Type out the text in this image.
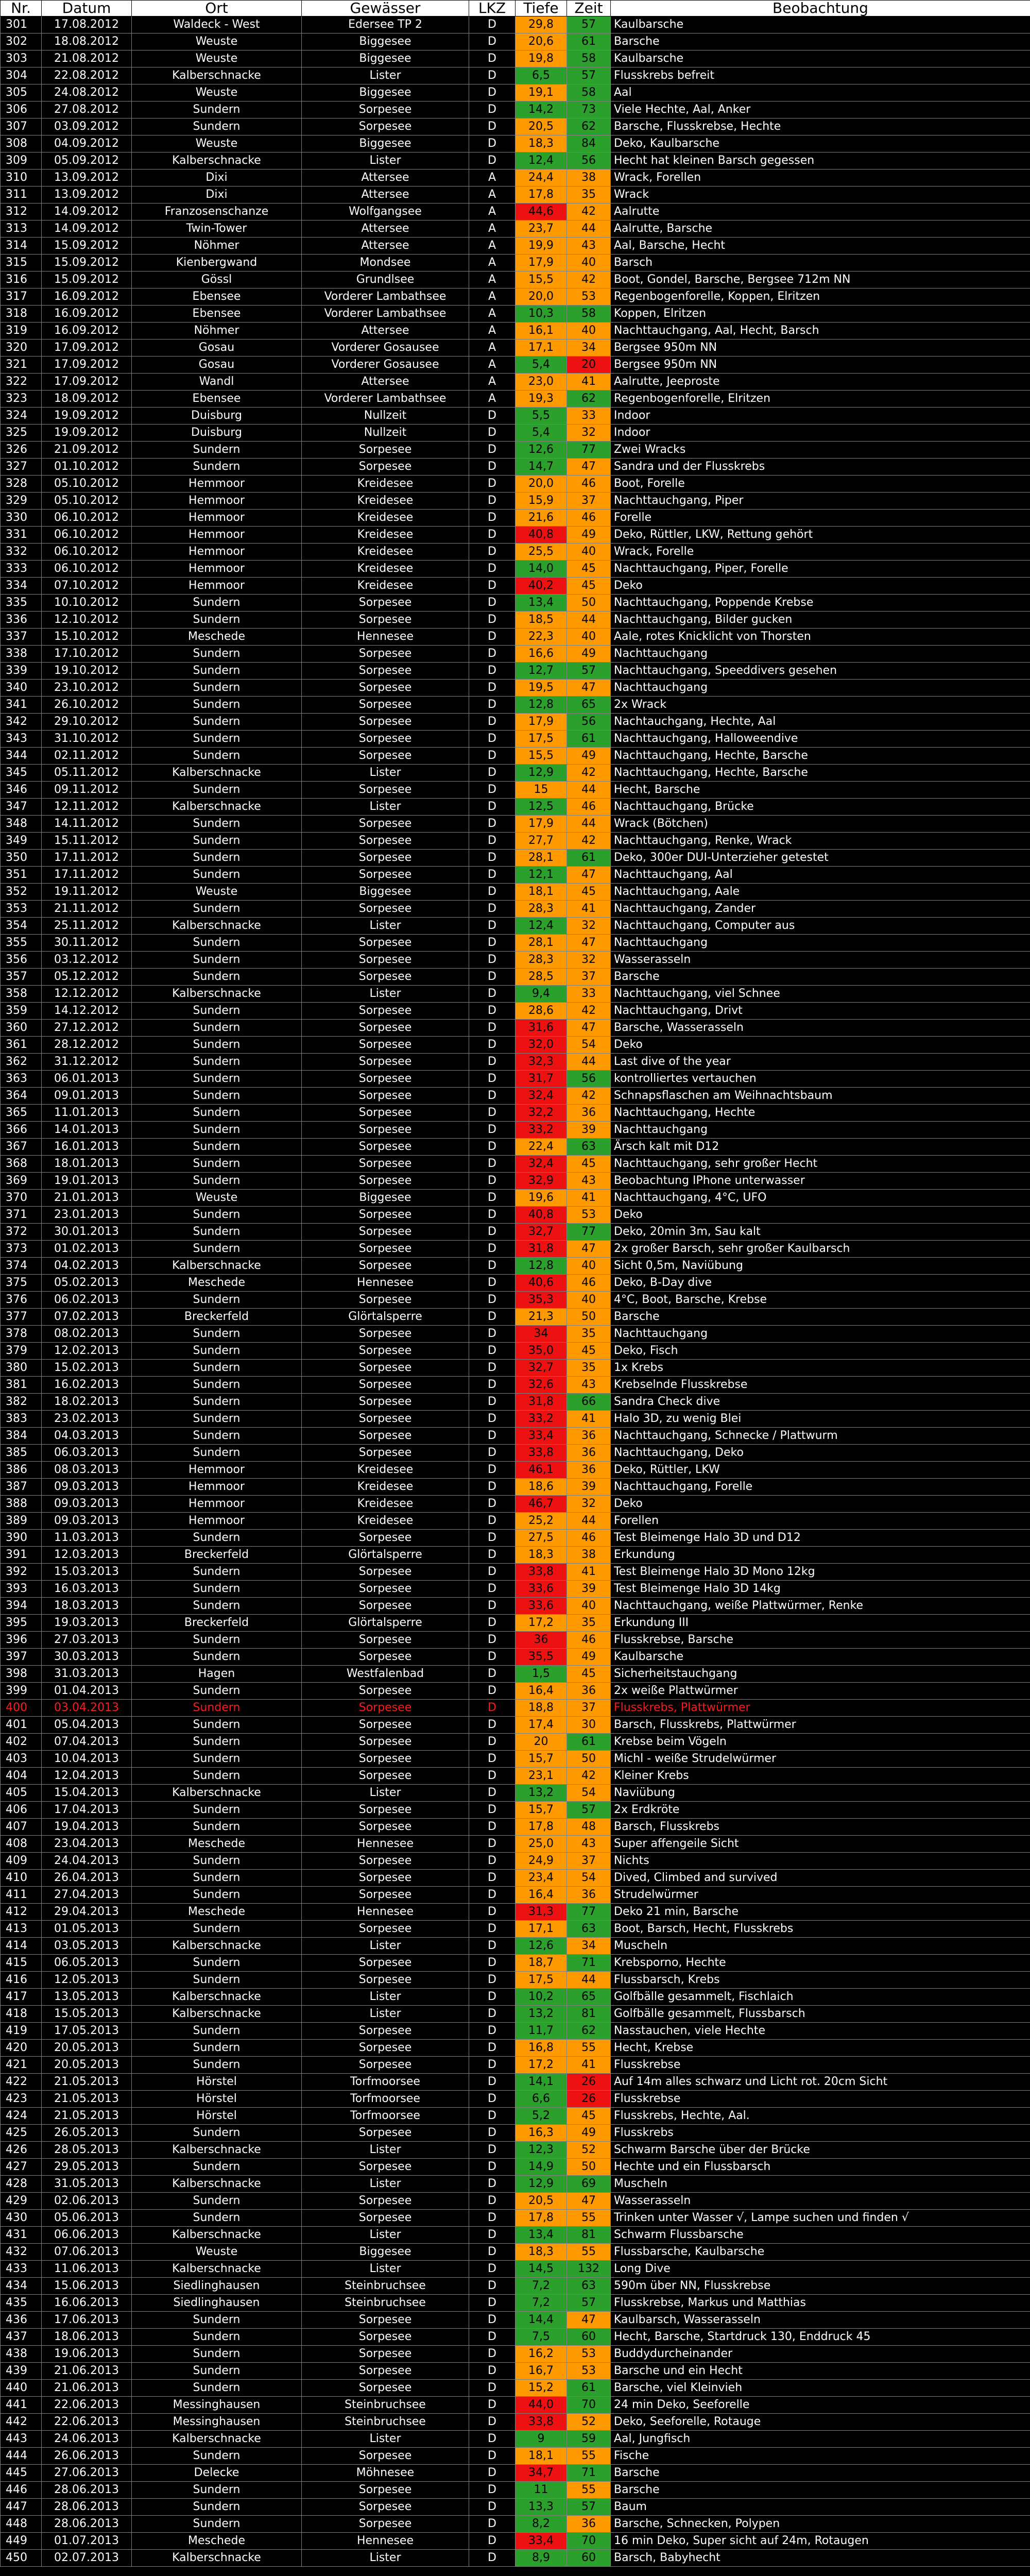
Nr.	Datum	Ort	Gewässer	LKZ	Tiefe	Zeit	Beobachtung
301	17.08.2012	Waldeck - West	Edersee TP 2	D	29,8	57	Kaulbarsche
302	18.08.2012	Weuste	Biggesee	D	20,6	61	Barsche
303	21.08.2012	Weuste	Biggesee	D	19,8	58	Kaulbarsche
304	22.08.2012	Kalberschnacke	Lister	D	6,5	57	Flusskrebs befreit
305	24.08.2012	Weuste	Biggesee	D	19,1	58	Aal
306	27.08.2012	Sundern	Sorpesee	D	14,2	73	Viele Hechte, Aal, Anker
307	03.09.2012	Sundern	Sorpesee	D	20,5	62	Barsche, Flusskrebse, Hechte
308	04.09.2012	Weuste	Biggesee	D	18,3	84	Deko, Kaulbarsche
309	05.09.2012	Kalberschnacke	Lister	D	12,4	56	Hecht hat kleinen Barsch gegessen
310	13.09.2012	Dixi	Attersee	A	24,4	38	Wrack, Forellen
311	13.09.2012	Dixi	Attersee	A	17,8	35	Wrack
312	14.09.2012	Franzosenschanze	Wolfgangsee	A	44,6	42	Aalrutte
313	14.09.2012	Twin-Tower	Attersee	A	23,7	44	Aalrutte, Barsche
314	15.09.2012	Nöhmer	Attersee	A	19,9	43	Aal, Barsche, Hecht
315	15.09.2012	Kienbergwand	Mondsee	A	17,9	40	Barsch
316	15.09.2012	Gössl	Grundlsee	A	15,5	42	Boot, Gondel, Barsche, Bergsee 712m NN
317	16.09.2012	Ebensee	Vorderer Lambathsee	A	20,0	53	Regenbogenforelle, Koppen, Elritzen
318	16.09.2012	Ebensee	Vorderer Lambathsee	A	10,3	58	Koppen, Elritzen
319	16.09.2012	Nöhmer	Attersee	A	16,1	40	Nachttauchgang, Aal, Hecht, Barsch
320	17.09.2012	Gosau	Vorderer Gosausee	A	17,1	34	Bergsee 950m NN
321	17.09.2012	Gosau	Vorderer Gosausee	A	5,4	20	Bergsee 950m NN
322	17.09.2012	Wandl	Attersee	A	23,0	41	Aalrutte, Jeeproste
323	18.09.2012	Ebensee	Vorderer Lambathsee	A	19,3	62	Regenbogenforelle, Elritzen
324	19.09.2012	Duisburg	Nullzeit	D	5,5	33	Indoor
325	19.09.2012	Duisburg	Nullzeit	D	5,4	32	Indoor
326	21.09.2012	Sundern	Sorpesee	D	12,6	77	Zwei Wracks
327	01.10.2012	Sundern	Sorpesee	D	14,7	47	Sandra und der Flusskrebs
328	05.10.2012	Hemmoor	Kreidesee	D	20,0	46	Boot, Forelle
329	05.10.2012	Hemmoor	Kreidesee	D	15,9	37	Nachttauchgang, Piper
330	06.10.2012	Hemmoor	Kreidesee	D	21,6	46	Forelle
331	06.10.2012	Hemmoor	Kreidesee	D	40,8	49	Deko, Rüttler, LKW, Rettung gehört
332	06.10.2012	Hemmoor	Kreidesee	D	25,5	40	Wrack, Forelle
333	06.10.2012	Hemmoor	Kreidesee	D	14,0	45	Nachttauchgang, Piper, Forelle
334	07.10.2012	Hemmoor	Kreidesee	D	40,2	45	Deko
335	10.10.2012	Sundern	Sorpesee	D	13,4	50	Nachttauchgang, Poppende Krebse
336	12.10.2012	Sundern	Sorpesee	D	18,5	44	Nachttauchgang, Bilder gucken
337	15.10.2012	Meschede	Hennesee	D	22,3	40	Aale, rotes Knicklicht von Thorsten
338	17.10.2012	Sundern	Sorpesee	D	16,6	49	Nachttauchgang
339	19.10.2012	Sundern	Sorpesee	D	12,7	57	Nachttauchgang, Speeddivers gesehen
340	23.10.2012	Sundern	Sorpesee	D	19,5	47	Nachttauchgang
341	26.10.2012	Sundern	Sorpesee	D	12,8	65	2x Wrack
342	29.10.2012	Sundern	Sorpesee	D	17,9	56	Nachtauchgang, Hechte, Aal
343	31.10.2012	Sundern	Sorpesee	D	17,5	61	Nachttauchgang, Halloweendive
344	02.11.2012	Sundern	Sorpesee	D	15,5	49	Nachttauchgang, Hechte, Barsche
345	05.11.2012	Kalberschnacke	Lister	D	12,9	42	Nachttauchgang, Hechte, Barsche
346	09.11.2012	Sundern	Sorpesee	D	15	44	Hecht, Barsche
347	12.11.2012	Kalberschnacke	Lister	D	12,5	46	Nachttauchgang, Brücke
348	14.11.2012	Sundern	Sorpesee	D	17,9	44	Wrack (Bötchen)
349	15.11.2012	Sundern	Sorpesee	D	27,7	42	Nachttauchgang, Renke, Wrack
350	17.11.2012	Sundern	Sorpesee	D	28,1	61	Deko, 300er DUI-Unterzieher getestet
351	17.11.2012	Sundern	Sorpesee	D	12,1	47	Nachttauchgang, Aal
352	19.11.2012	Weuste	Biggesee	D	18,1	45	Nachttauchgang, Aale
353	21.11.2012	Sundern	Sorpesee	D	28,3	41	Nachttauchgang, Zander
354	25.11.2012	Kalberschnacke	Lister	D	12,4	32	Nachttauchgang, Computer aus
355	30.11.2012	Sundern	Sorpesee	D	28,1	47	Nachttauchgang
356	03.12.2012	Sundern	Sorpesee	D	28,3	32	Wasserasseln
357	05.12.2012	Sundern	Sorpesee	D	28,5	37	Barsche
358	12.12.2012	Kalberschnacke	Lister	D	9,4	33	Nachttauchgang, viel Schnee
359	14.12.2012	Sundern	Sorpesee	D	28,6	42	Nachttauchgang, Drivt
360	27.12.2012	Sundern	Sorpesee	D	31,6	47	Barsche, Wasserasseln
361	28.12.2012	Sundern	Sorpesee	D	32,0	54	Deko
362	31.12.2012	Sundern	Sorpesee	D	32,3	44	Last dive of the year
363	06.01.2013	Sundern	Sorpesee	D	31,7	56	kontrolliertes vertauchen
364	09.01.2013	Sundern	Sorpesee	D	32,4	42	Schnapsflaschen am Weihnachtsbaum
365	11.01.2013	Sundern	Sorpesee	D	32,2	36	Nachttauchgang, Hechte
366	14.01.2013	Sundern	Sorpesee	D	33,2	39	Nachttauchgang
367	16.01.2013	Sundern	Sorpesee	D	22,4	63	Ärsch kalt mit D12
368	18.01.2013	Sundern	Sorpesee	D	32,4	45	Nachttauchgang, sehr großer Hecht
369	19.01.2013	Sundern	Sorpesee	D	32,9	43	Beobachtung IPhone unterwasser
370	21.01.2013	Weuste	Biggesee	D	19,6	41	Nachttauchgang, 4°C, UFO
371	23.01.2013	Sundern	Sorpesee	D	40,8	53	Deko
372	30.01.2013	Sundern	Sorpesee	D	32,7	77	Deko, 20min 3m, Sau kalt
373	01.02.2013	Sundern	Sorpesee	D	31,8	47	2x großer Barsch, sehr großer Kaulbarsch
374	04.02.2013	Kalberschnacke	Sorpesee	D	12,8	40	Sicht 0,5m, Naviübung
375	05.02.2013	Meschede	Hennesee	D	40,6	46	Deko, B-Day dive
376	06.02.2013	Sundern	Sorpesee	D	35,3	40	4°C, Boot, Barsche, Krebse
377	07.02.2013	Breckerfeld	Glörtalsperre	D	21,3	50	Barsche
378	08.02.2013	Sundern	Sorpesee	D	34	35	Nachttauchgang
379	12.02.2013	Sundern	Sorpesee	D	35,0	45	Deko, Fisch
380	15.02.2013	Sundern	Sorpesee	D	32,7	35	1x Krebs
381	16.02.2013	Sundern	Sorpesee	D	32,6	43	Krebselnde Flusskrebse
382	18.02.2013	Sundern	Sorpesee	D	31,8	66	Sandra Check dive
383	23.02.2013	Sundern	Sorpesee	D	33,2	41	Halo 3D, zu wenig Blei
384	04.03.2013	Sundern	Sorpesee	D	33,4	36	Nachttauchgang, Schnecke / Plattwurm
385	06.03.2013	Sundern	Sorpesee	D	33,8	36	Nachttauchgang, Deko
386	08.03.2013	Hemmoor	Kreidesee	D	46,1	36	Deko, Rüttler, LKW
387	09.03.2013	Hemmoor	Kreidesee	D	18,6	39	Nachttauchgang, Forelle
388	09.03.2013	Hemmoor	Kreidesee	D	46,7	32	Deko
389	09.03.2013	Hemmoor	Kreidesee	D	25,2	44	Forellen
390	11.03.2013	Sundern	Sorpesee	D	27,5	46	Test Bleimenge Halo 3D und D12
391	12.03.2013	Breckerfeld	Glörtalsperre	D	18,3	38	Erkundung
392	15.03.2013	Sundern	Sorpesee	D	33,8	41	Test Bleimenge Halo 3D Mono 12kg
393	16.03.2013	Sundern	Sorpesee	D	33,6	39	Test Bleimenge Halo 3D 14kg
394	18.03.2013	Sundern	Sorpesee	D	33,6	40	Nachttauchgang, weiße Plattwürmer, Renke
395	19.03.2013	Breckerfeld	Glörtalsperre	D	17,2	35	Erkundung III
396	27.03.2013	Sundern	Sorpesee	D	36	46	Flusskrebse, Barsche
397	30.03.2013	Sundern	Sorpesee	D	35,5	49	Kaulbarsche
398	31.03.2013	Hagen	Westfalenbad	D	1,5	45	Sicherheitstauchgang
399	01.04.2013	Sundern	Sorpesee	D	16,4	36	2x weiße Plattwürmer
400	03.04.2013	Sundern	Sorpesee	D	18,8	37	Flusskrebs, Plattwürmer
401	05.04.2013	Sundern	Sorpesee	D	17,4	30	Barsch, Flusskrebs, Plattwürmer
402	07.04.2013	Sundern	Sorpesee	D	20	61	Krebse beim Vögeln
403	10.04.2013	Sundern	Sorpesee	D	15,7	50	Michl - weiße Strudelwürmer
404	12.04.2013	Sundern	Sorpesee	D	23,1	42	Kleiner Krebs
405	15.04.2013	Kalberschnacke	Lister	D	13,2	54	Naviübung
406	17.04.2013	Sundern	Sorpesee	D	15,7	57	2x Erdkröte
407	19.04.2013	Sundern	Sorpesee	D	17,8	48	Barsch, Flusskrebs
408	23.04.2013	Meschede	Hennesee	D	25,0	43	Super affengeile Sicht
409	24.04.2013	Sundern	Sorpesee	D	24,9	37	Nichts
410	26.04.2013	Sundern	Sorpesee	D	23,4	54	Dived, Climbed and survived
411	27.04.2013	Sundern	Sorpesee	D	16,4	36	Strudelwürmer
412	29.04.2013	Meschede	Hennesee	D	31,3	77	Deko 21 min, Barsche
413	01.05.2013	Sundern	Sorpesee	D	17,1	63	Boot, Barsch, Hecht, Flusskrebs
414	03.05.2013	Kalberschnacke	Lister	D	12,6	34	Muscheln
415	06.05.2013	Sundern	Sorpesee	D	18,7	71	Krebsporno, Hechte
416	12.05.2013	Sundern	Sorpesee	D	17,5	44	Flussbarsch, Krebs
417	13.05.2013	Kalberschnacke	Lister	D	10,2	65	Golfbälle gesammelt, Fischlaich
418	15.05.2013	Kalberschnacke	Lister	D	13,2	81	Golfbälle gesammelt, Flussbarsch
419	17.05.2013	Sundern	Sorpesee	D	11,7	62	Nasstauchen, viele Hechte
420	20.05.2013	Sundern	Sorpesee	D	16,8	55	Hecht, Krebse
421	20.05.2013	Sundern	Sorpesee	D	17,2	41	Flusskrebse
422	21.05.2013	Hörstel	Torfmoorsee	D	14,1	26	Auf 14m alles schwarz und Licht rot. 20cm Sicht
423	21.05.2013	Hörstel	Torfmoorsee	D	6,6	26	Flusskrebse
424	21.05.2013	Hörstel	Torfmoorsee	D	5,2	45	Flusskrebs, Hechte, Aal.
425	26.05.2013	Sundern	Sorpesee	D	16,3	49	Flusskrebs
426	28.05.2013	Kalberschnacke	Lister	D	12,3	52	Schwarm Barsche über der Brücke
427	29.05.2013	Sundern	Sorpesee	D	14,9	50	Hechte und ein Flussbarsch
428	31.05.2013	Kalberschnacke	Lister	D	12,9	69	Muscheln
429	02.06.2013	Sundern	Sorpesee	D	20,5	47	Wasserasseln
430	05.06.2013	Sundern	Sorpesee	D	17,8	55	Trinken unter Wasser √, Lampe suchen und finden √
431	06.06.2013	Kalberschnacke	Lister	D	13,4	81	Schwarm Flussbarsche
432	07.06.2013	Weuste	Biggesee	D	18,3	55	Flussbarsche, Kaulbarsche
433	11.06.2013	Kalberschnacke	Lister	D	14,5	132	Long Dive
434	15.06.2013	Siedlinghausen	Steinbruchsee	D	7,2	63	590m über NN, Flusskrebse
435	16.06.2013	Siedlinghausen	Steinbruchsee	D	7,2	57	Flusskrebse, Markus und Matthias
436	17.06.2013	Sundern	Sorpesee	D	14,4	47	Kaulbarsch, Wasserasseln
437	18.06.2013	Sundern	Sorpesee	D	7,5	60	Hecht, Barsche, Startdruck 130, Enddruck 45
438	19.06.2013	Sundern	Sorpesee	D	16,2	53	Buddydurcheinander
439	21.06.2013	Sundern	Sorpesee	D	16,7	53	Barsche und ein Hecht
440	21.06.2013	Sundern	Sorpesee	D	15,2	61	Barsche, viel Kleinvieh
441	22.06.2013	Messinghausen	Steinbruchsee	D	44,0	70	24 min Deko, Seeforelle
442	22.06.2013	Messinghausen	Steinbruchsee	D	33,8	52	Deko, Seeforelle, Rotauge
443	24.06.2013	Kalberschnacke	Lister	D	9	59	Aal, Jungfisch
444	26.06.2013	Sundern	Sorpesee	D	18,1	55	Fische
445	27.06.2013	Delecke	Möhnesee	D	34,7	71	Barsche
446	28.06.2013	Sundern	Sorpesee	D	11	55	Barsche
447	28.06.2013	Sundern	Sorpesee	D	13,3	57	Baum
448	28.06.2013	Sundern	Sorpesee	D	8,2	36	Barsche, Schnecken, Polypen
449	01.07.2013	Meschede	Hennesee	D	33,4	70	16 min Deko, Super sicht auf 24m, Rotaugen
450	02.07.2013	Kalberschnacke	Lister	D	8,9	60	Barsch, Babyhecht
